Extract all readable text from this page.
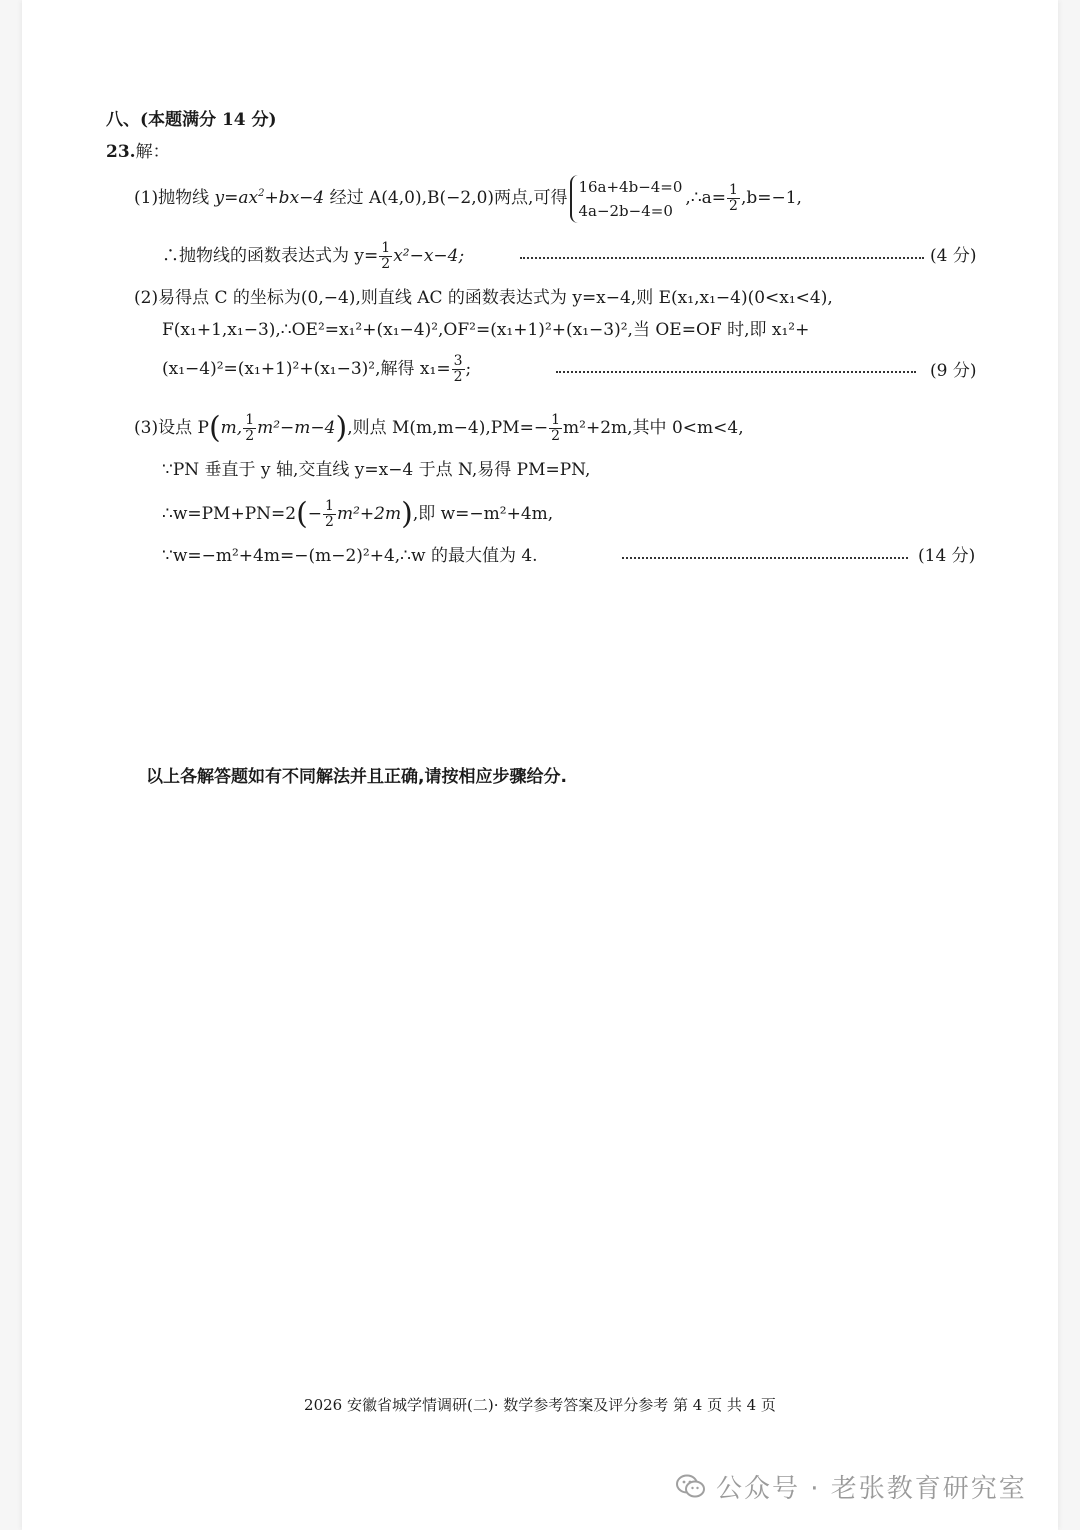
八、(本题满分 14 分)
23.解：
(1)抛物线 $y=ax^2+bx-4$ 经过 A(4,0),B(−2,0)两点,可得
16a+4b−4=0
4a−2b−4=0
,∴a= $\frac{1}{2} ,b=-1$,
∴抛物线的函数表达式为 $y= \frac{1}{2} x^2-x-4$;	(4 分)
(2)易得点 C 的坐标为(0,−4),则直线 AC 的函数表达式为 y=x−4,则 E(x₁,x₁−4)(0<x₁<4),
F(x₁+1,x₁−3),∴OE²=x₁²+(x₁−4)²,OF²=(x₁+1)²+(x₁−3)²,当 OE=OF 时,即 x₁²+
(x₁−4)²=(x₁+1)²+(x₁−3)²,解得 $x_1= \frac{3}{2}$ ;	(9 分)
(3)设点 P(m, $\frac{1}{2} m^2-m-4$),则点 $M(m,m-4),PM=- \frac{1}{2} m^2+2m$,其中 0<m<4,
∵PN 垂直于 y 轴,交直线 y=x−4 于点 N,易得 PM=PN,
∴w=PM+PN=2(− $\frac{1}{2} m^2+2m$),即 w=−m²+4m,
∵w=−m²+4m=−(m−2)²+4,∴w 的最大值为 4.	(14 分)
以上各解答题如有不同解法并且正确,请按相应步骤给分.
2026 安徽省城学情调研(二)· 数学参考答案及评分参考 第 4 页 共 4 页
公众号 · 老张教育研究室
